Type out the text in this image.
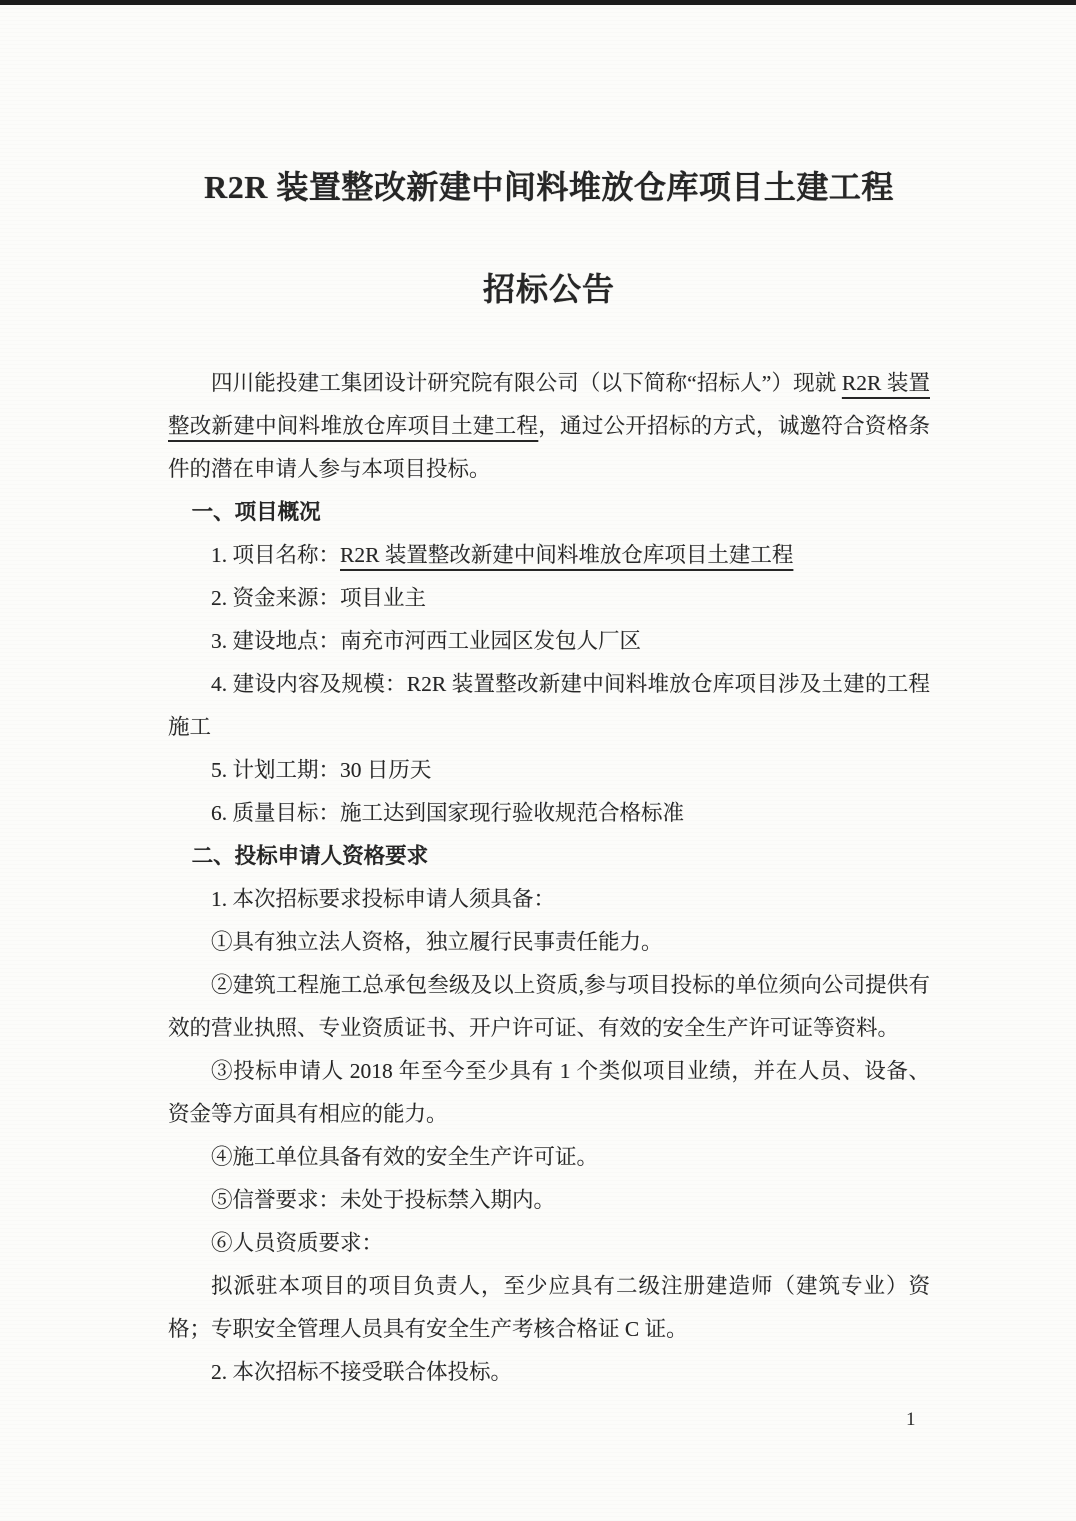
R2R 装置整改新建中间料堆放仓库项目土建工程
招标公告

四川能投建工集团设计研究院有限公司（以下简称“招标人”）现就 R2R 装置整改新建中间料堆放仓库项目土建工程，通过公开招标的方式，诚邀符合资格条件的潜在申请人参与本项目投标。

一、项目概况

1. 项目名称：R2R 装置整改新建中间料堆放仓库项目土建工程

2. 资金来源：项目业主

3. 建设地点：南充市河西工业园区发包人厂区

4. 建设内容及规模：R2R 装置整改新建中间料堆放仓库项目涉及土建的工程施工

5. 计划工期：30 日历天

6. 质量目标：施工达到国家现行验收规范合格标准

二、投标申请人资格要求

1. 本次招标要求投标申请人须具备：

①具有独立法人资格，独立履行民事责任能力。

②建筑工程施工总承包叁级及以上资质,参与项目投标的单位须向公司提供有效的营业执照、专业资质证书、开户许可证、有效的安全生产许可证等资料。

③投标申请人 2018 年至今至少具有 1 个类似项目业绩，并在人员、设备、资金等方面具有相应的能力。

④施工单位具备有效的安全生产许可证。

⑤信誉要求：未处于投标禁入期内。

⑥人员资质要求：

拟派驻本项目的项目负责人，至少应具有二级注册建造师（建筑专业）资格；专职安全管理人员具有安全生产考核合格证 C 证。

2. 本次招标不接受联合体投标。

1
